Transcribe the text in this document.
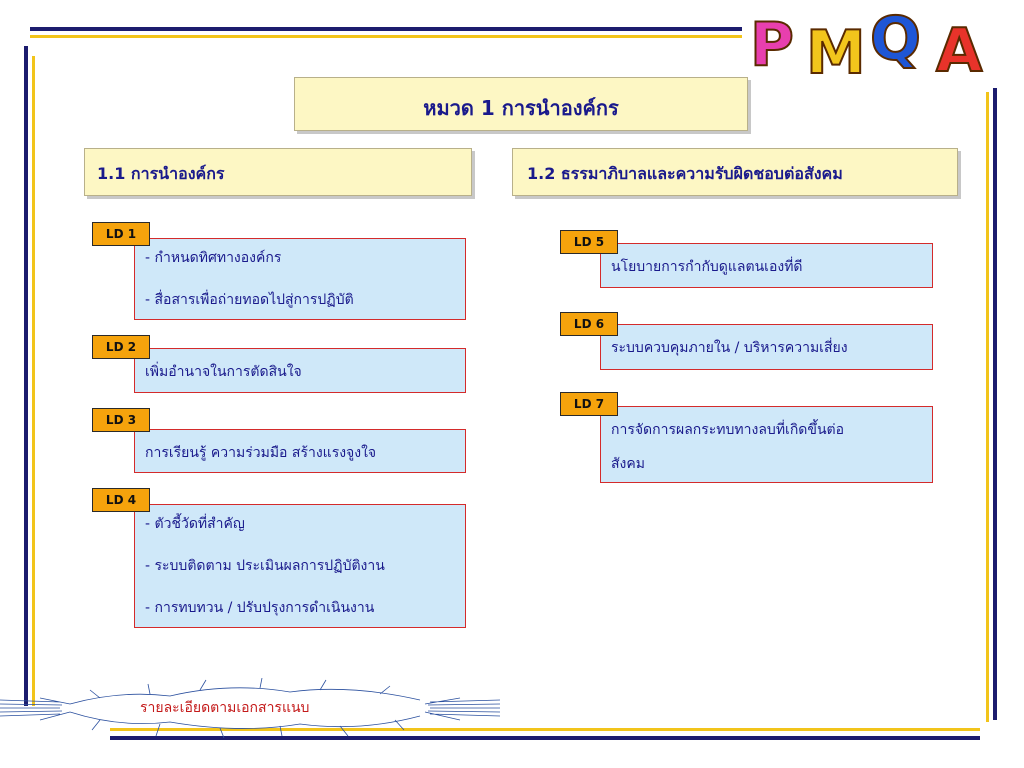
P M Q A
หมวด 1 การนำองค์กร
1.1 การนำองค์กร	1.2 ธรรมาภิบาลและความรับผิดชอบต่อสังคม
- กำหนดทิศทางองค์กร
- สื่อสารเพื่อถ่ายทอดไปสู่การปฏิบัติ
LD 1
เพิ่มอำนาจในการตัดสินใจ
LD 2
การเรียนรู้ ความร่วมมือ สร้างแรงจูงใจ
LD 3
- ตัวชี้วัดที่สำคัญ
- ระบบติดตาม ประเมินผลการปฏิบัติงาน
- การทบทวน / ปรับปรุงการดำเนินงาน
LD 4
นโยบายการกำกับดูแลตนเองที่ดี
LD 5
ระบบควบคุมภายใน / บริหารความเสี่ยง
LD 6
การจัดการผลกระทบทางลบที่เกิดขึ้นต่อ
สังคม
LD 7
รายละเอียดตามเอกสารแนบ
